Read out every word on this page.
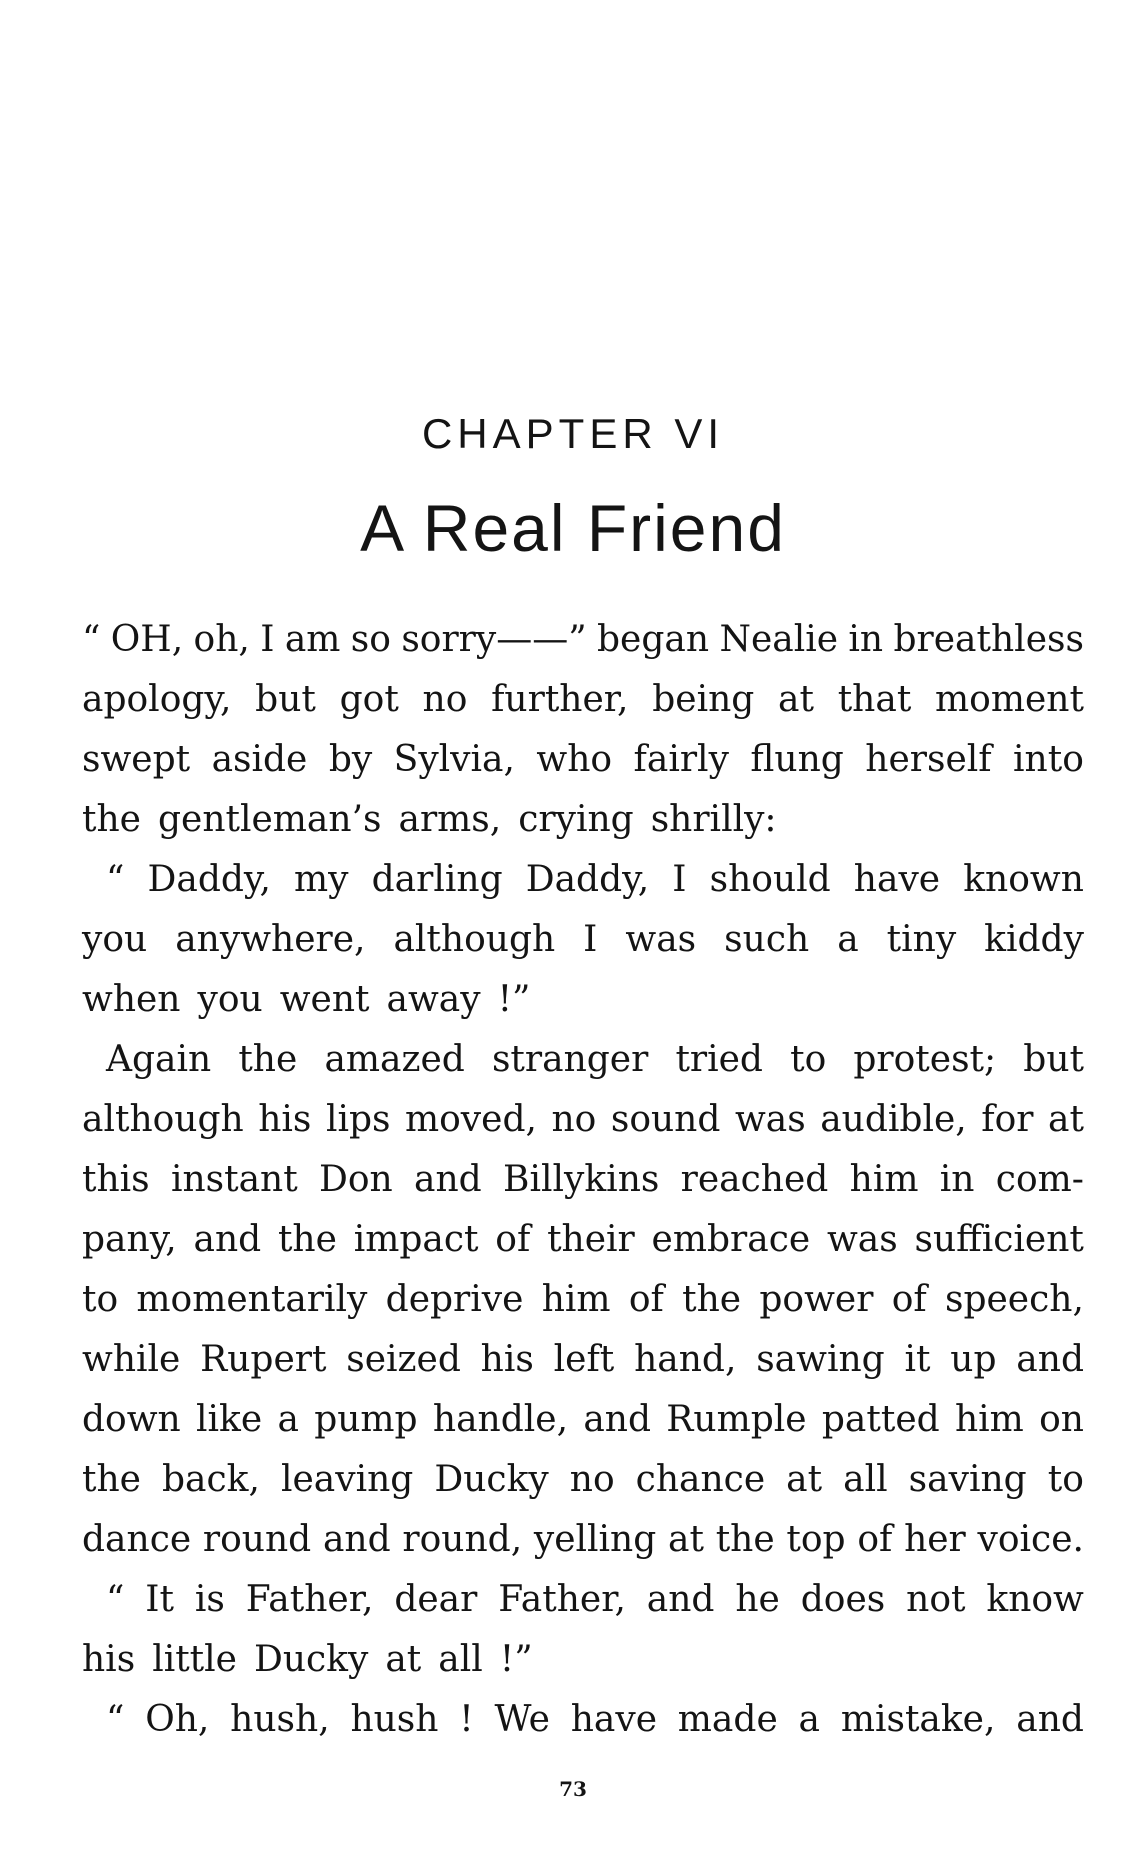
CHAPTER VI
A Real Friend
“ OH, oh, I am so sorry——” began Nealie in breathless
apology, but got no further, being at that moment
swept aside by Sylvia, who fairly flung herself into
the gentleman’s arms, crying shrilly:
“ Daddy, my darling Daddy, I should have known
you anywhere, although I was such a tiny kiddy
when you went away !”
Again the amazed stranger tried to protest; but
although his lips moved, no sound was audible, for at
this instant Don and Billykins reached him in com-
pany, and the impact of their embrace was sufficient
to momentarily deprive him of the power of speech,
while Rupert seized his left hand, sawing it up and
down like a pump handle, and Rumple patted him on
the back, leaving Ducky no chance at all saving to
dance round and round, yelling at the top of her voice.
“ It is Father, dear Father, and he does not know
his little Ducky at all !”
“ Oh, hush, hush ! We have made a mistake, and
73
